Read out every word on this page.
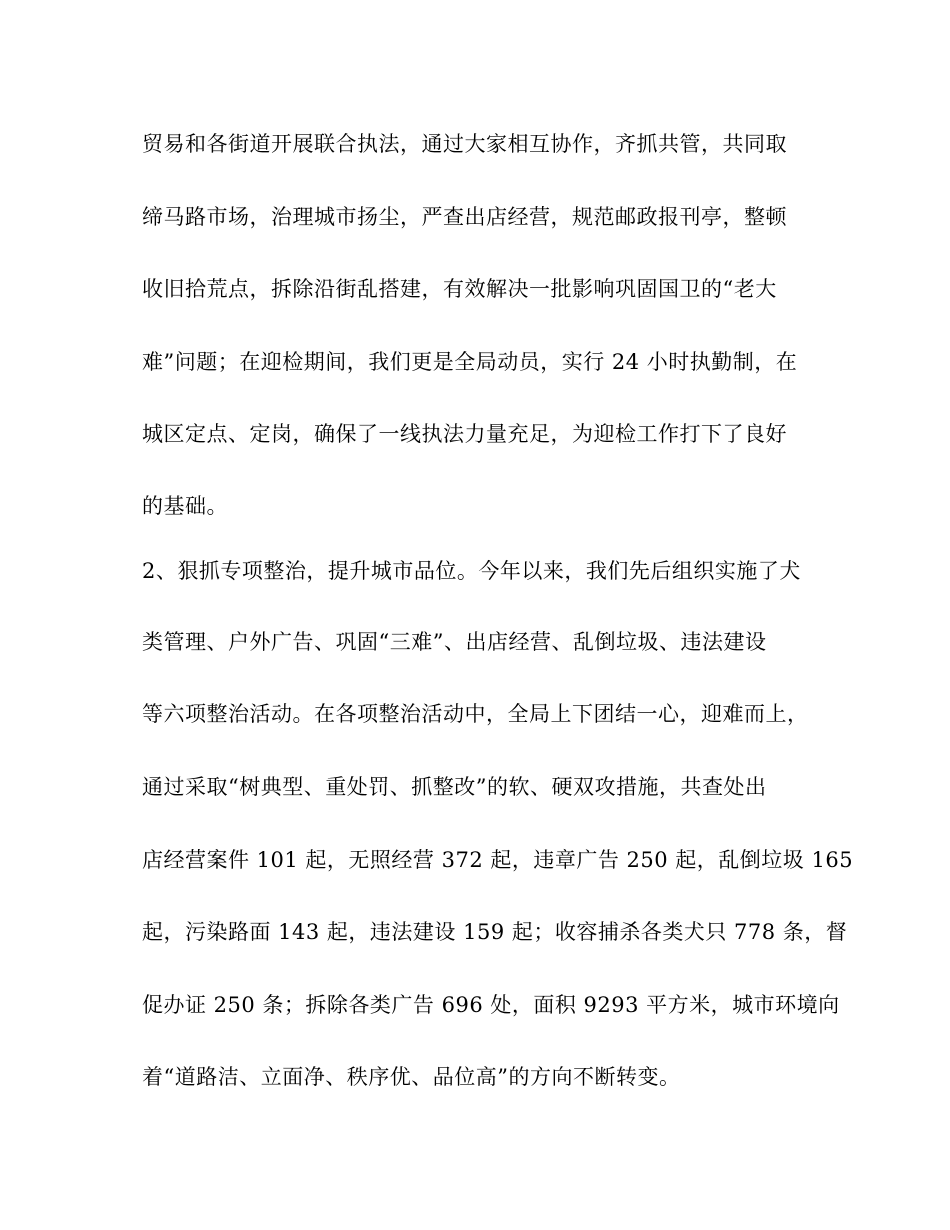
贸易和各街道开展联合执法，通过大家相互协作，齐抓共管，共同取
缔马路市场，治理城市扬尘，严查出店经营，规范邮政报刊亭，整顿
收旧拾荒点，拆除沿街乱搭建，有效解决一批影响巩固国卫的“老大
难”问题；在迎检期间，我们更是全局动员，实行 24 小时执勤制，在
城区定点、定岗，确保了一线执法力量充足，为迎检工作打下了良好
的基础。
2、狠抓专项整治，提升城市品位。今年以来，我们先后组织实施了犬
类管理、户外广告、巩固“三难”、出店经营、乱倒垃圾、违法建设
等六项整治活动。在各项整治活动中，全局上下团结一心，迎难而上，
通过采取“树典型、重处罚、抓整改”的软、硬双攻措施，共查处出
店经营案件 101 起，无照经营 372 起，违章广告 250 起，乱倒垃圾 165
起，污染路面 143 起，违法建设 159 起；收容捕杀各类犬只 778 条，督
促办证 250 条；拆除各类广告 696 处，面积 9293 平方米，城市环境向
着“道路洁、立面净、秩序优、品位高”的方向不断转变。
